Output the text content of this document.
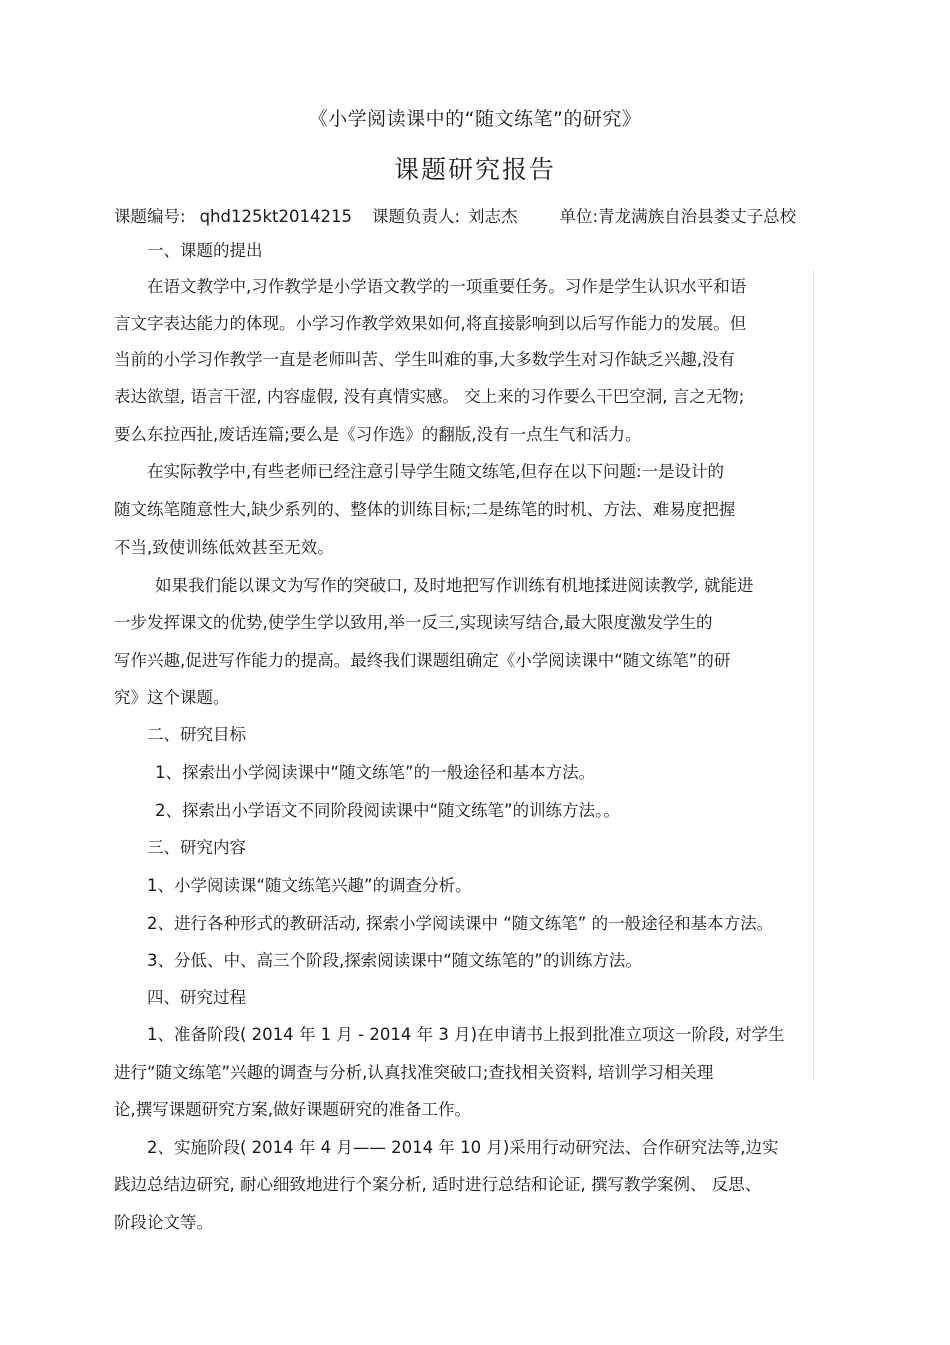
《小学阅读课中的“随文练笔”的研究》
课题研究报告
课题编号: qhd125kt2014215 课题负责人: 刘志杰	单位:青龙满族自治县娄丈子总校
一、课题的提出
在语文教学中,习作教学是小学语文教学的一项重要任务。习作是学生认识水平和语
言文字表达能力的体现。小学习作教学效果如何,将直接影响到以后写作能力的发展。但
当前的小学习作教学一直是老师叫苦、学生叫难的事,大多数学生对习作缺乏兴趣,没有
表达欲望, 语言干涩, 内容虚假, 没有真情实感。 交上来的习作要么干巴空洞, 言之无物;
要么东拉西扯,废话连篇;要么是《习作选》的翻版,没有一点生气和活力。
在实际教学中,有些老师已经注意引导学生随文练笔,但存在以下问题:一是设计的
随文练笔随意性大,缺少系列的、整体的训练目标;二是练笔的时机、方法、难易度把握
不当,致使训练低效甚至无效。
如果我们能以课文为写作的突破口, 及时地把写作训练有机地揉进阅读教学, 就能进
一步发挥课文的优势,使学生学以致用,举一反三,实现读写结合,最大限度激发学生的
写作兴趣,促进写作能力的提高。最终我们课题组确定《小学阅读课中“随文练笔”的研
究》这个课题。
二、研究目标
1、探索出小学阅读课中“随文练笔”的一般途径和基本方法。
2、探索出小学语文不同阶段阅读课中“随文练笔”的训练方法。。
三、研究内容
1、小学阅读课“随文练笔兴趣”的调查分析。
2、进行各种形式的教研活动, 探索小学阅读课中 “随文练笔” 的一般途径和基本方法。
3、分低、中、高三个阶段,探索阅读课中“随文练笔的”的训练方法。
四、研究过程
1、准备阶段( 2014 年 1 月 - 2014 年 3 月)在申请书上报到批准立项这一阶段, 对学生
进行“随文练笔”兴趣的调查与分析,认真找准突破口;查找相关资料, 培训学习相关理
论,撰写课题研究方案,做好课题研究的准备工作。
2、实施阶段( 2014 年 4 月—— 2014 年 10 月)采用行动研究法、合作研究法等,边实
践边总结边研究, 耐心细致地进行个案分析, 适时进行总结和论证, 撰写教学案例、 反思、
阶段论文等。
